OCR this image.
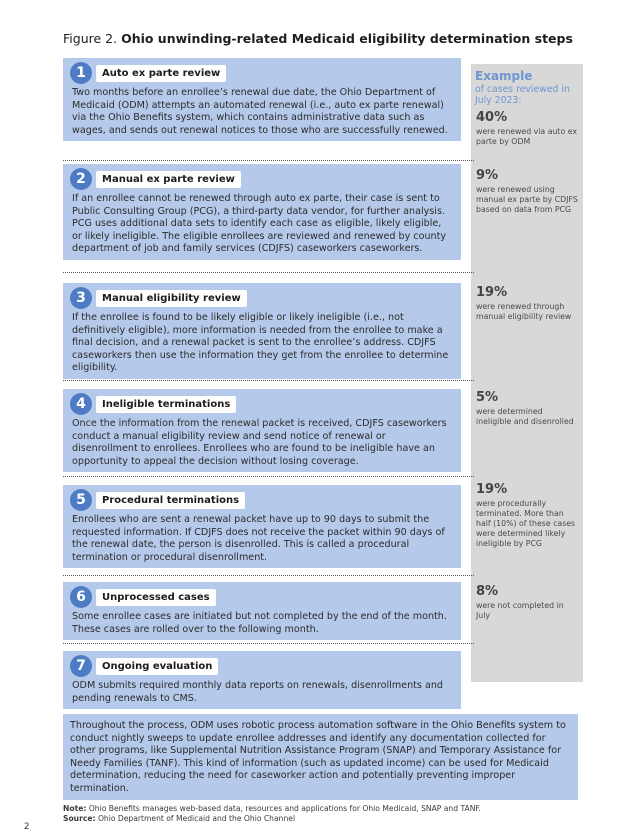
Figure 2. Ohio unwinding-related Medicaid eligibility determination steps
1	Auto ex parte review
Two months before an enrollee’s renewal due date, the Ohio Department of Medicaid (ODM) attempts an automated renewal (i.e., auto ex parte renewal) via the Ohio Benefits system, which contains administrative data such as wages, and sends out renewal notices to those who are successfully renewed.
2	Manual ex parte review
If an enrollee cannot be renewed through auto ex parte, their case is sent to Public Consulting Group (PCG), a third-party data vendor, for further analysis. PCG uses additional data sets to identify each case as eligible, likely eligible, or likely ineligible. The eligible enrollees are reviewed and renewed by county department of job and family services (CDJFS) caseworkers caseworkers.
3	Manual eligibility review
If the enrollee is found to be likely eligible or likely ineligible (i.e., not definitively eligible), more information is needed from the enrollee to make a final decision, and a renewal packet is sent to the enrollee’s address. CDJFS caseworkers then use the information they get from the enrollee to determine eligibility.
4	Ineligible terminations
Once the information from the renewal packet is received, CDJFS caseworkers conduct a manual eligibility review and send notice of renewal or disenrollment to enrollees. Enrollees who are found to be ineligible have an opportunity to appeal the decision without losing coverage.
5	Procedural terminations
Enrollees who are sent a renewal packet have up to 90 days to submit the requested information. If CDJFS does not receive the packet within 90 days of the renewal date, the person is disenrolled. This is called a procedural termination or procedural disenrollment.
6	Unprocessed cases
Some enrollee cases are initiated but not completed by the end of the month. These cases are rolled over to the following month.
7	Ongoing evaluation
ODM submits required monthly data reports on renewals, disenrollments and pending renewals to CMS.
Example
of cases reviewed in July 2023:
40%
were renewed via auto ex parte by ODM
9%
were renewed using manual ex parte by CDJFS based on data from PCG
19%
were renewed through manual eligibility review
5%
were determined ineligible and disenrolled
19%
were procedurally terminated. More than half (10%) of these cases were determined likely ineligible by PCG
8%
were not completed in July
Throughout the process, ODM uses robotic process automation software in the Ohio Benefits system to conduct nightly sweeps to update enrollee addresses and identify any documentation collected for other programs, like Supplemental Nutrition Assistance Program (SNAP) and Temporary Assistance for Needy Families (TANF). This kind of information (such as updated income) can be used for Medicaid determination, reducing the need for caseworker action and potentially preventing improper termination.
Note: Ohio Benefits manages web-based data, resources and applications for Ohio Medicaid, SNAP and TANF.
Source: Ohio Department of Medicaid and the Ohio Channel
2
